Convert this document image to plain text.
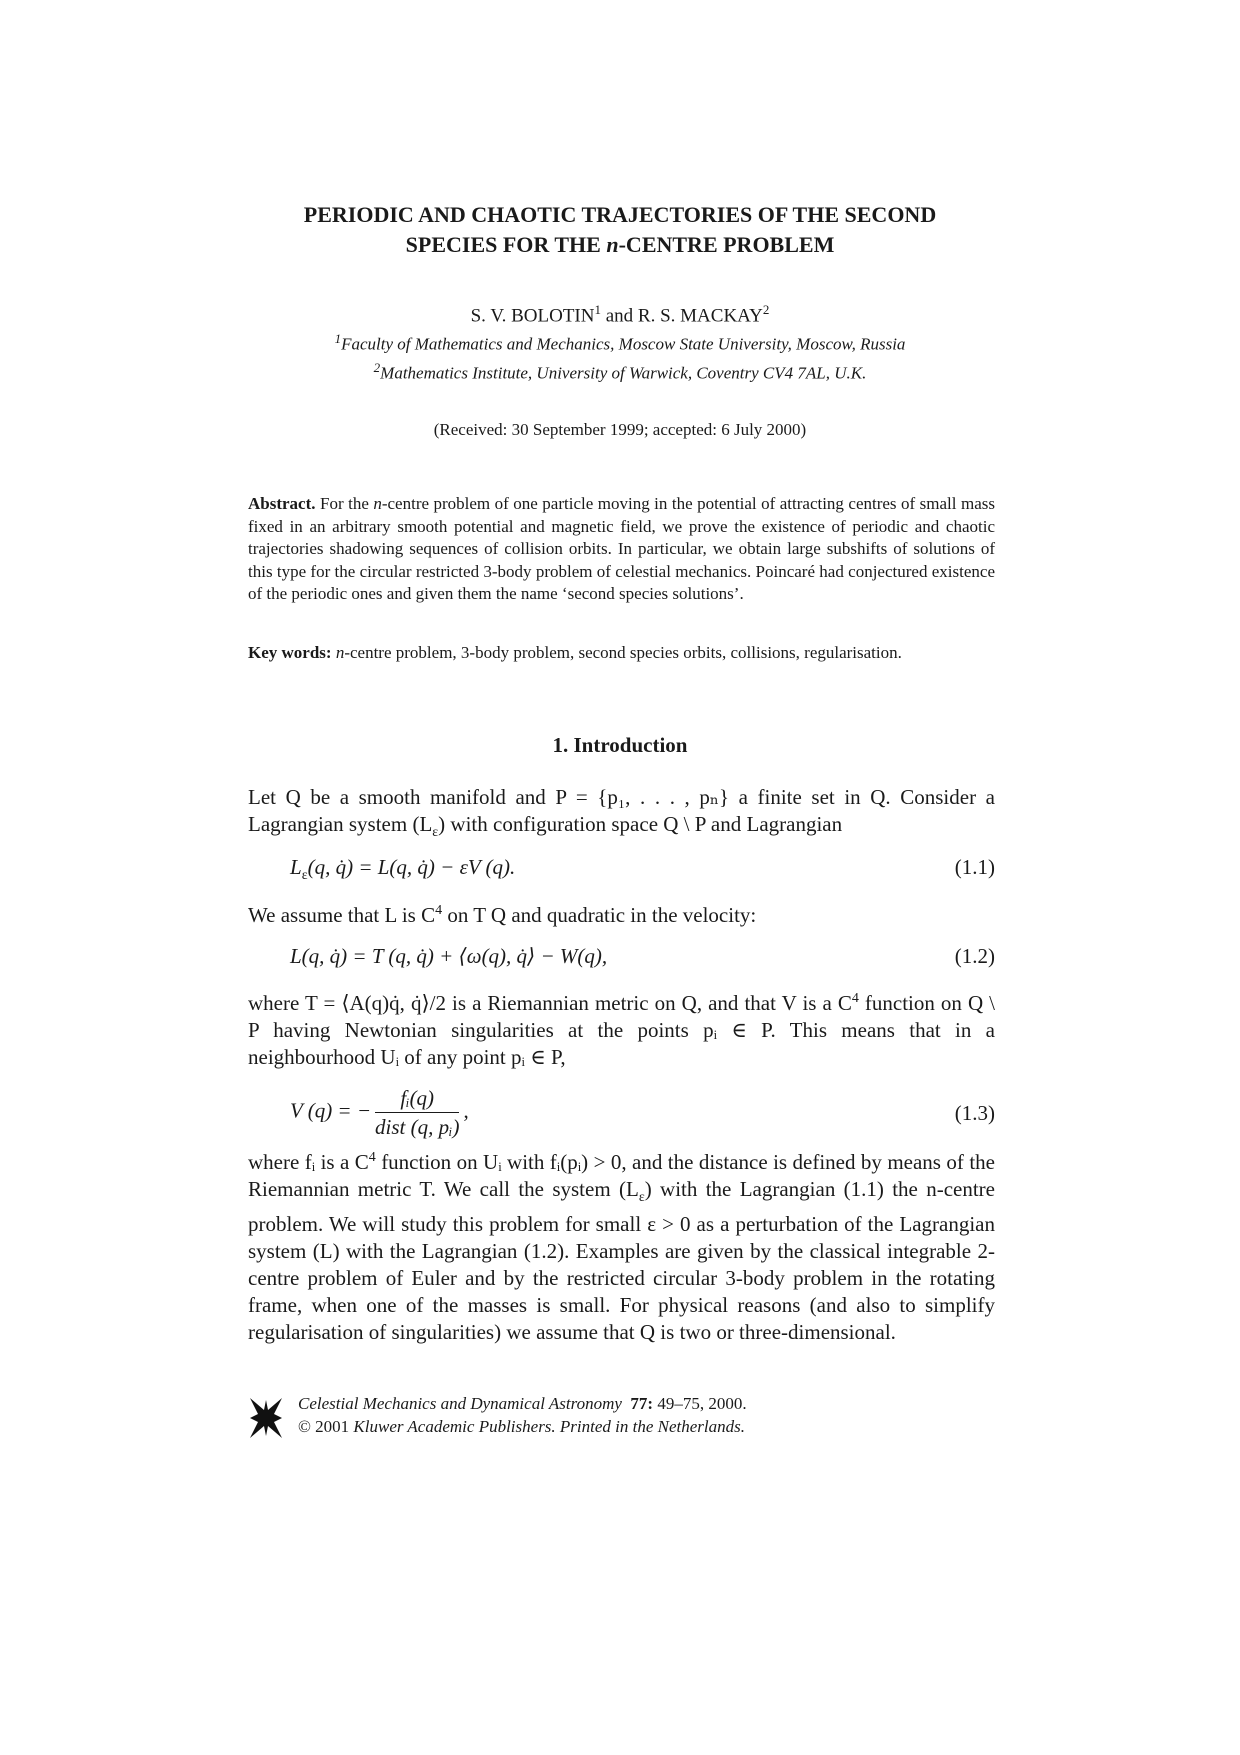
PERIODIC AND CHAOTIC TRAJECTORIES OF THE SECOND
SPECIES FOR THE n-CENTRE PROBLEM
S. V. BOLOTIN$^1$ and R. S. MACKAY$^2$
$^1$Faculty of Mathematics and Mechanics, Moscow State University, Moscow, Russia
$^2$Mathematics Institute, University of Warwick, Coventry CV4 7AL, U.K.
(Received: 30 September 1999; accepted: 6 July 2000)
Abstract. For the n-centre problem of one particle moving in the potential of attracting centres of small mass fixed in an arbitrary smooth potential and magnetic field, we prove the existence of periodic and chaotic trajectories shadowing sequences of collision orbits. In particular, we obtain large subshifts of solutions of this type for the circular restricted 3-body problem of celestial mechanics. Poincaré had conjectured existence of the periodic ones and given them the name ‘second species solutions’.
Key words: n-centre problem, 3-body problem, second species orbits, collisions, regularisation.
1. Introduction
Let Q be a smooth manifold and P = {p₁, . . . , pₙ} a finite set in Q. Consider a Lagrangian system $(L_\varepsilon)$ with configuration space Q \ P and Lagrangian
$L_\varepsilon(q$, q̇) = L(q, q̇) − εV (q).	(1.1)
We assume that L is $C^4$ on T Q and quadratic in the velocity:
L(q, q̇) = T (q, q̇) + ⟨ω(q), q̇⟩ − W(q),	(1.2)
where T = ⟨A(q)q̇, q̇⟩/2 is a Riemannian metric on Q, and that V is a $C^4$ function on Q \ P having Newtonian singularities at the points pᵢ ∈ P. This means that in a neighbourhood Uᵢ of any point pᵢ ∈ P,
V (q) = − $\frac{\text{fᵢ(q)}}{\text{dist (q, pᵢ)}}$ ,	(1.3)
where fᵢ is a $C^4$ function on Uᵢ with fᵢ(pᵢ) > 0, and the distance is defined by means of the Riemannian metric T. We call the system $(L_\varepsilon)$ with the Lagrangian (1.1) the n-centre problem. We will study this problem for small ε > 0 as a perturbation of the Lagrangian system (L) with the Lagrangian (1.2). Examples are given by the classical integrable 2-centre problem of Euler and by the restricted circular 3-body problem in the rotating frame, when one of the masses is small. For physical reasons (and also to simplify regularisation of singularities) we assume that Q is two or three-dimensional.
Celestial Mechanics and Dynamical Astronomy 77: 49–75, 2000.
© 2001 Kluwer Academic Publishers. Printed in the Netherlands.
